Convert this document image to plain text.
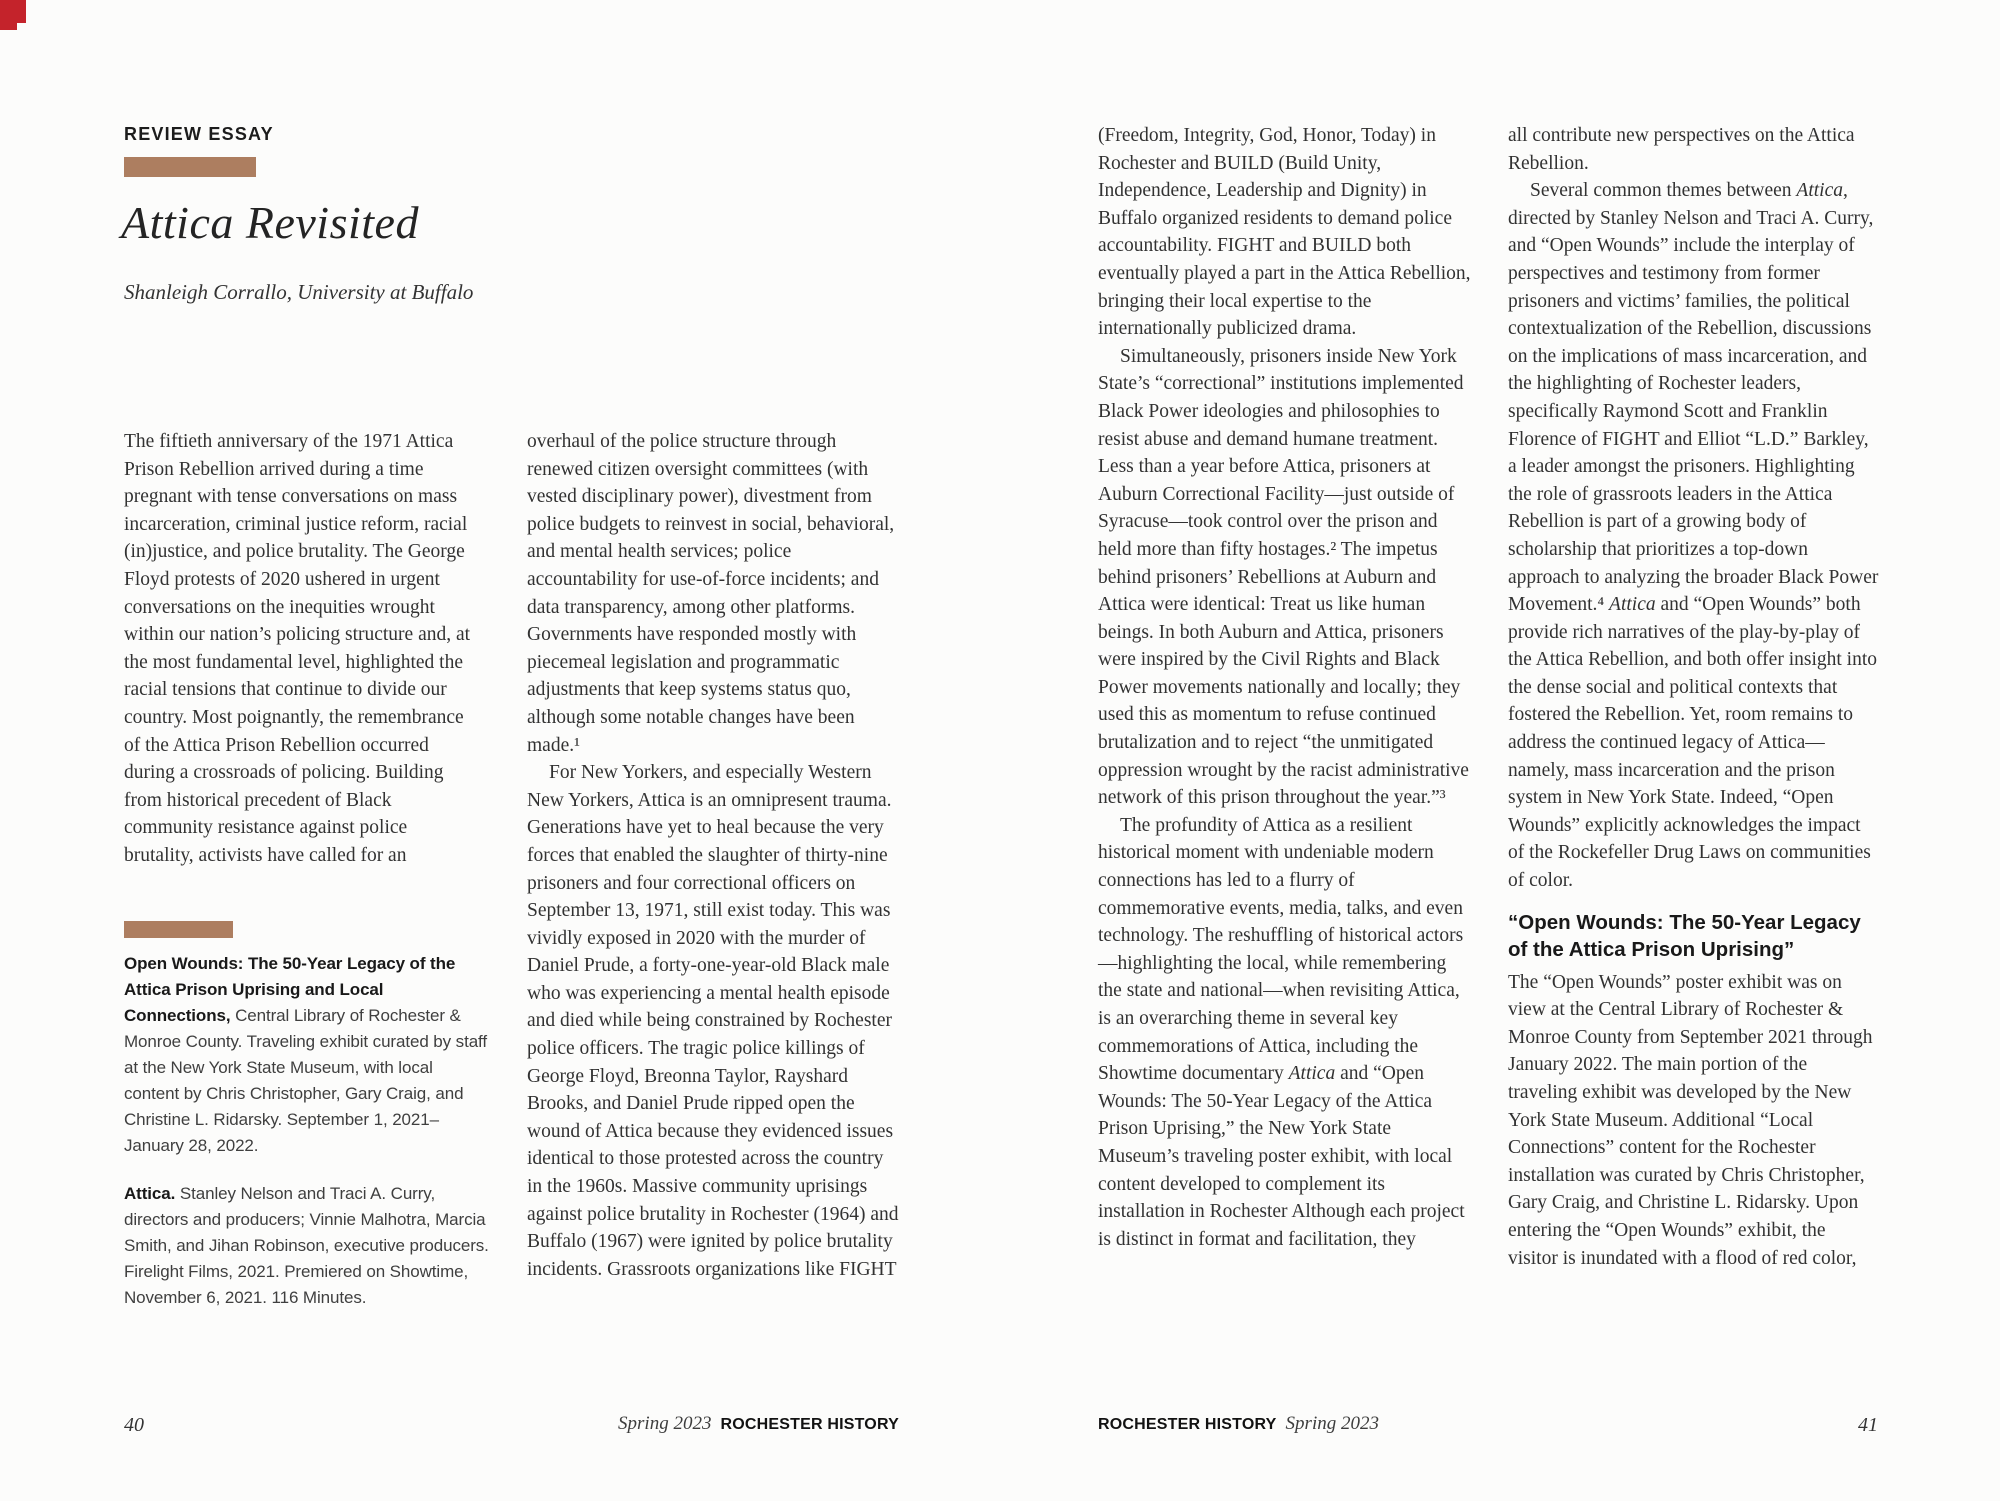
REVIEW ESSAY
Attica Revisited
Shanleigh Corrallo, University at Buffalo

The fiftieth anniversary of the 1971 Attica Prison Rebellion arrived during a time pregnant with tense conversations on mass incarceration, criminal justice reform, racial (in)justice, and police brutality. The George Floyd protests of 2020 ushered in urgent conversations on the inequities wrought within our nation’s policing structure and, at the most fundamental level, highlighted the racial tensions that continue to divide our country. Most poignantly, the remembrance of the Attica Prison Rebellion occurred during a crossroads of policing. Building from historical precedent of Black community resistance against police brutality, activists have called for an

Open Wounds: The 50-Year Legacy of the Attica Prison Uprising and Local Connections, Central Library of Rochester & Monroe County. Traveling exhibit curated by staff at the New York State Museum, with local content by Chris Christopher, Gary Craig, and Christine L. Ridarsky. September 1, 2021–January 28, 2022.

Attica. Stanley Nelson and Traci A. Curry, directors and producers; Vinnie Malhotra, Marcia Smith, and Jihan Robinson, executive producers. Firelight Films, 2021. Premiered on Showtime, November 6, 2021. 116 Minutes.

overhaul of the police structure through renewed citizen oversight committees (with vested disciplinary power), divestment from police budgets to reinvest in social, behavioral, and mental health services; police accountability for use-of-force incidents; and data transparency, among other platforms. Governments have responded mostly with piecemeal legislation and programmatic adjustments that keep systems status quo, although some notable changes have been made.¹

For New Yorkers, and especially Western New Yorkers, Attica is an omnipresent trauma. Generations have yet to heal because the very forces that enabled the slaughter of thirty-nine prisoners and four correctional officers on September 13, 1971, still exist today. This was vividly exposed in 2020 with the murder of Daniel Prude, a forty-one-year-old Black male who was experiencing a mental health episode and died while being constrained by Rochester police officers. The tragic police killings of George Floyd, Breonna Taylor, Rayshard Brooks, and Daniel Prude ripped open the wound of Attica because they evidenced issues identical to those protested across the country in the 1960s. Massive community uprisings against police brutality in Rochester (1964) and Buffalo (1967) were ignited by police brutality incidents. Grassroots organizations like FIGHT

(Freedom, Integrity, God, Honor, Today) in Rochester and BUILD (Build Unity, Independence, Leadership and Dignity) in Buffalo organized residents to demand police accountability. FIGHT and BUILD both eventually played a part in the Attica Rebellion, bringing their local expertise to the internationally publicized drama.

Simultaneously, prisoners inside New York State’s “correctional” institutions implemented Black Power ideologies and philosophies to resist abuse and demand humane treatment. Less than a year before Attica, prisoners at Auburn Correctional Facility—just outside of Syracuse—took control over the prison and held more than fifty hostages.² The impetus behind prisoners’ Rebellions at Auburn and Attica were identical: Treat us like human beings. In both Auburn and Attica, prisoners were inspired by the Civil Rights and Black Power movements nationally and locally; they used this as momentum to refuse continued brutalization and to reject “the unmitigated oppression wrought by the racist administrative network of this prison throughout the year.”³

The profundity of Attica as a resilient historical moment with undeniable modern connections has led to a flurry of commemorative events, media, talks, and even technology. The reshuffling of historical actors—highlighting the local, while remembering the state and national—when revisiting Attica, is an overarching theme in several key commemorations of Attica, including the Showtime documentary Attica and “Open Wounds: The 50-Year Legacy of the Attica Prison Uprising,” the New York State Museum’s traveling poster exhibit, with local content developed to complement its installation in Rochester Although each project is distinct in format and facilitation, they

all contribute new perspectives on the Attica Rebellion.

Several common themes between Attica, directed by Stanley Nelson and Traci A. Curry, and “Open Wounds” include the interplay of perspectives and testimony from former prisoners and victims’ families, the political contextualization of the Rebellion, discussions on the implications of mass incarceration, and the highlighting of Rochester leaders, specifically Raymond Scott and Franklin Florence of FIGHT and Elliot “L.D.” Barkley, a leader amongst the prisoners. Highlighting the role of grassroots leaders in the Attica Rebellion is part of a growing body of scholarship that prioritizes a top-down approach to analyzing the broader Black Power Movement.⁴ Attica and “Open Wounds” both provide rich narratives of the play-by-play of the Attica Rebellion, and both offer insight into the dense social and political contexts that fostered the Rebellion. Yet, room remains to address the continued legacy of Attica—namely, mass incarceration and the prison system in New York State. Indeed, “Open Wounds” explicitly acknowledges the impact of the Rockefeller Drug Laws on communities of color.

“Open Wounds: The 50-Year Legacy of the Attica Prison Uprising”

The “Open Wounds” poster exhibit was on view at the Central Library of Rochester & Monroe County from September 2021 through January 2022. The main portion of the traveling exhibit was developed by the New York State Museum. Additional “Local Connections” content for the Rochester installation was curated by Chris Christopher, Gary Craig, and Christine L. Ridarsky. Upon entering the “Open Wounds” exhibit, the visitor is inundated with a flood of red color,

40	Spring 2023 ROCHESTER HISTORY	ROCHESTER HISTORY Spring 2023	41
